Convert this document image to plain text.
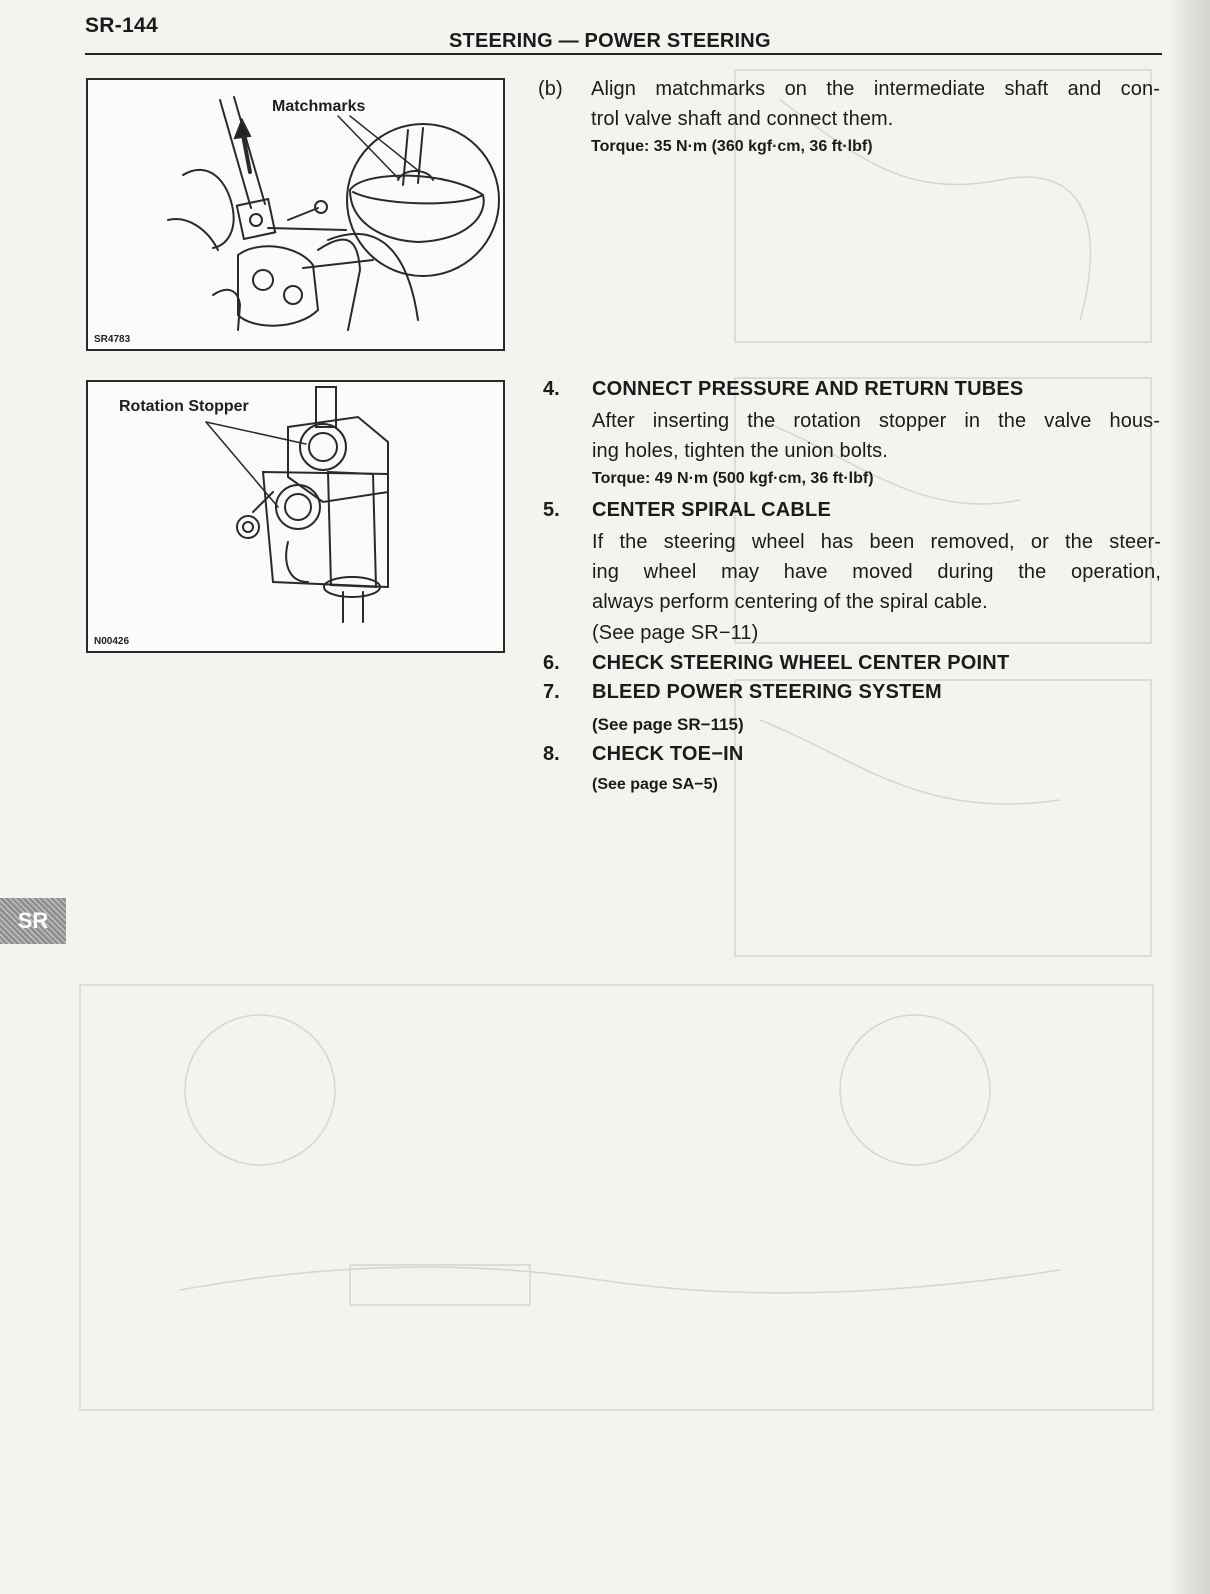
SR-144
STEERING — POWER STEERING
Matchmarks
SR4783
Rotation Stopper
N00426
(b) Align matchmarks on the intermediate shaft and con-
trol valve shaft and connect them.
Torque: 35 N·m (360 kgf·cm, 36 ft·lbf)
4. CONNECT PRESSURE AND RETURN TUBES
After inserting the rotation stopper in the valve hous-
ing holes, tighten the union bolts.
Torque: 49 N·m (500 kgf·cm, 36 ft·lbf)
5. CENTER SPIRAL CABLE
If the steering wheel has been removed, or the steer-
ing wheel may have moved during the operation,
always perform centering of the spiral cable.
(See page SR−11)
6. CHECK STEERING WHEEL CENTER POINT
7. BLEED POWER STEERING SYSTEM
(See page SR−115)
8. CHECK TOE−IN
(See page SA−5)
SR
